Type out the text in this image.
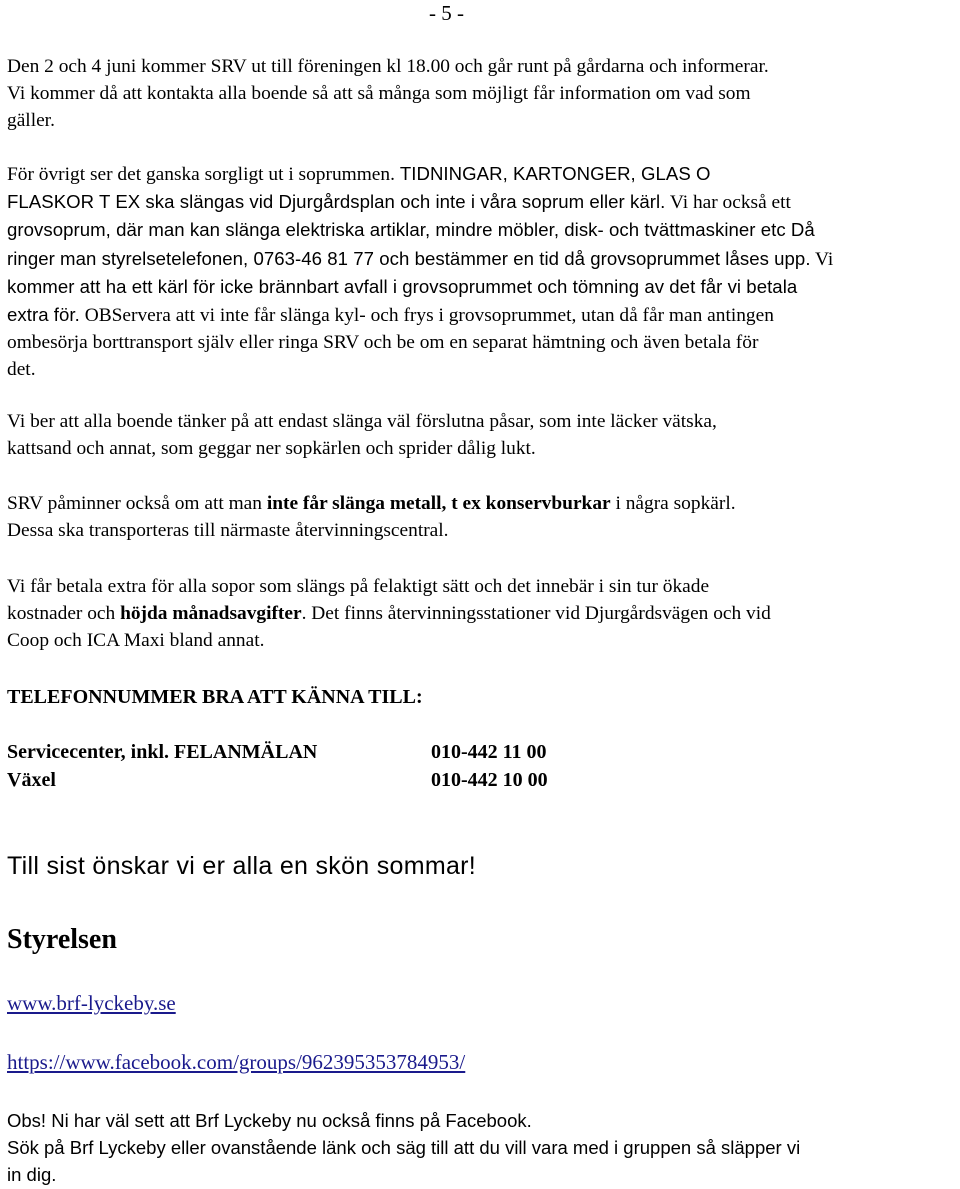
- 5 -

Den 2 och 4 juni kommer SRV ut till föreningen kl 18.00 och går runt på gårdarna och informerar.

Vi kommer då att kontakta alla boende så att så många som möjligt får information om vad som

gäller.

För övrigt ser det ganska sorgligt ut i soprummen. TIDNINGAR, KARTONGER, GLAS O

FLASKOR T EX ska slängas vid Djurgårdsplan och inte i våra soprum eller kärl. Vi har också ett

grovsoprum, där man kan slänga elektriska artiklar, mindre möbler, disk- och tvättmaskiner etc Då

ringer man styrelsetelefonen, 0763-46 81 77 och bestämmer en tid då grovsoprummet låses upp. Vi

kommer att ha ett kärl för icke brännbart avfall i grovsoprummet och tömning av det får vi betala

extra för. OBServera att vi inte får slänga kyl- och frys i grovsoprummet, utan då får man antingen

ombesörja borttransport själv eller ringa SRV och be om en separat hämtning och även betala för

det.

Vi ber att alla boende tänker på att endast slänga väl förslutna påsar, som inte läcker vätska,

kattsand och annat, som geggar ner sopkärlen och sprider dålig lukt.

SRV påminner också om att man inte får slänga metall, t ex konservburkar i några sopkärl.

Dessa ska transporteras till närmaste återvinningscentral.

Vi får betala extra för alla sopor som slängs på felaktigt sätt och det innebär i sin tur ökade

kostnader och höjda månadsavgifter. Det finns återvinningsstationer vid Djurgårdsvägen och vid

Coop och ICA Maxi bland annat.

TELEFONNUMMER BRA ATT KÄNNA TILL:

Servicecenter, inkl. FELANMÄLAN	010-442 11 00
Växel	010-442 10 00

Till sist önskar vi er alla en skön sommar!

Styrelsen

www.brf-lyckeby.se

https://www.facebook.com/groups/962395353784953/

Obs! Ni har väl sett att Brf Lyckeby nu också finns på Facebook.

Sök på Brf Lyckeby eller ovanstående länk och säg till att du vill vara med i gruppen så släpper vi

in dig.
